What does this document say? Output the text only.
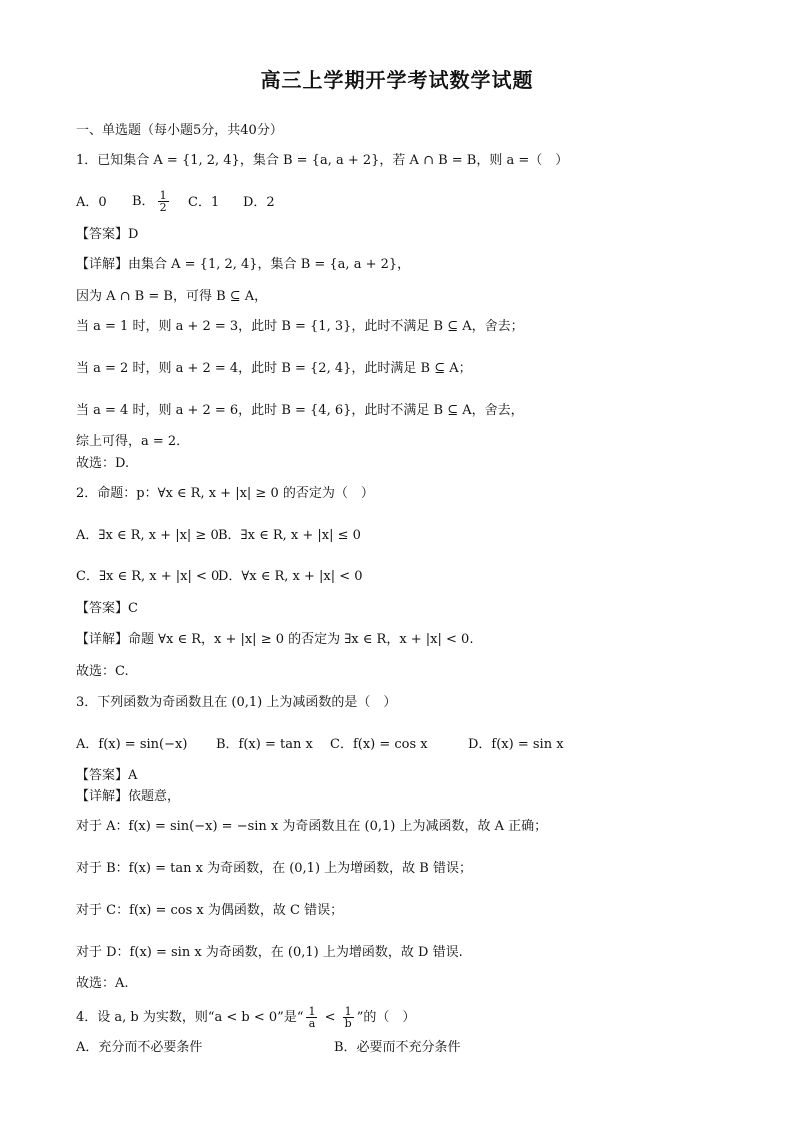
高三上学期开学考试数学试题
一、单选题（每小题5分，共40分）
1．已知集合 A = {1, 2, 4}，集合 B = {a, a + 2}，若 A ∩ B = B，则 a =（　）
A．0 B． $\frac{1}{2}$ C．1 D．2
【答案】D
【详解】由集合 A = {1, 2, 4}，集合 B = {a, a + 2}，
因为 A ∩ B = B，可得 B ⊆ A，
当 a = 1 时，则 a + 2 = 3，此时 B = {1, 3}，此时不满足 B ⊆ A，舍去；
当 a = 2 时，则 a + 2 = 4，此时 B = {2, 4}，此时满足 B ⊆ A；
当 a = 4 时，则 a + 2 = 6，此时 B = {4, 6}，此时不满足 B ⊆ A，舍去，
综上可得，a = 2．
故选：D.
2．命题：p：∀x ∈ R, x + |x| ≥ 0 的否定为（　）
A．∃x ∈ R, x + |x| ≥ 0 B．∃x ∈ R, x + |x| ≤ 0
C．∃x ∈ R, x + |x| < 0
D．∀x ∈ R, x + |x| < 0
【答案】C
【详解】命题 ∀x ∈ R，x + |x| ≥ 0 的否定为 ∃x ∈ R，x + |x| < 0.
故选：C.
3．下列函数为奇函数且在 (0,1) 上为减函数的是（　）
A．f(x) = sin(−x) B．f(x) = tan x C．f(x) = cos x	D．f(x) = sin x
【答案】A
【详解】依题意，
对于 A：f(x) = sin(−x) = −sin x 为奇函数且在 (0,1) 上为减函数，故 A 正确；
对于 B：f(x) = tan x 为奇函数，在 (0,1) 上为增函数，故 B 错误；
对于 C：f(x) = cos x 为偶函数，故 C 错误；
对于 D：f(x) = sin x 为奇函数，在 (0,1) 上为增函数，故 D 错误.
故选：A.
4．设 a, b 为实数，则“a < b < 0”是“ $\frac{1}{a} < \frac{1}{b}$ ”的（　）
A．充分而不必要条件	B．必要而不充分条件
